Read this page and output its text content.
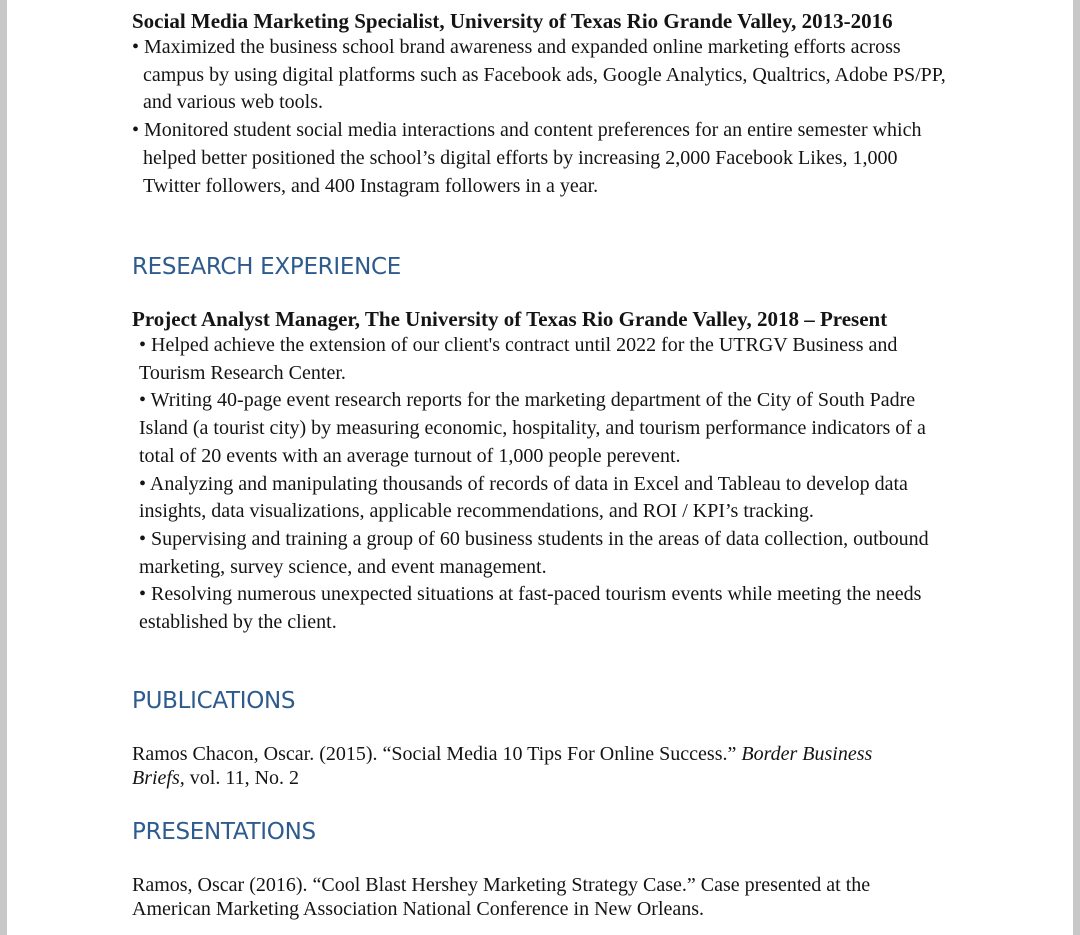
Social Media Marketing Specialist, University of Texas Rio Grande Valley, 2013-2016

• Maximized the business school brand awareness and expanded online marketing efforts across campus by using digital platforms such as Facebook ads, Google Analytics, Qualtrics, Adobe PS/PP, and various web tools.
• Monitored student social media interactions and content preferences for an entire semester which helped better positioned the school’s digital efforts by increasing 2,000 Facebook Likes, 1,000 Twitter followers, and 400 Instagram followers in a year.
RESEARCH EXPERIENCE

Project Analyst Manager, The University of Texas Rio Grande Valley, 2018 – Present

• Helped achieve the extension of our client's contract until 2022 for the UTRGV Business and Tourism Research Center.
• Writing 40-page event research reports for the marketing department of the City of South Padre Island (a tourist city) by measuring economic, hospitality, and tourism performance indicators of a total of 20 events with an average turnout of 1,000 people perevent.
• Analyzing and manipulating thousands of records of data in Excel and Tableau to develop data insights, data visualizations, applicable recommendations, and ROI / KPI’s tracking.
• Supervising and training a group of 60 business students in the areas of data collection, outbound marketing, survey science, and event management.
• Resolving numerous unexpected situations at fast-paced tourism events while meeting the needs established by the client.
PUBLICATIONS

Ramos Chacon, Oscar. (2015). “Social Media 10 Tips For Online Success.” Border Business Briefs, vol. 11, No. 2

PRESENTATIONS

Ramos, Oscar (2016). “Cool Blast Hershey Marketing Strategy Case.” Case presented at the American Marketing Association National Conference in New Orleans.
